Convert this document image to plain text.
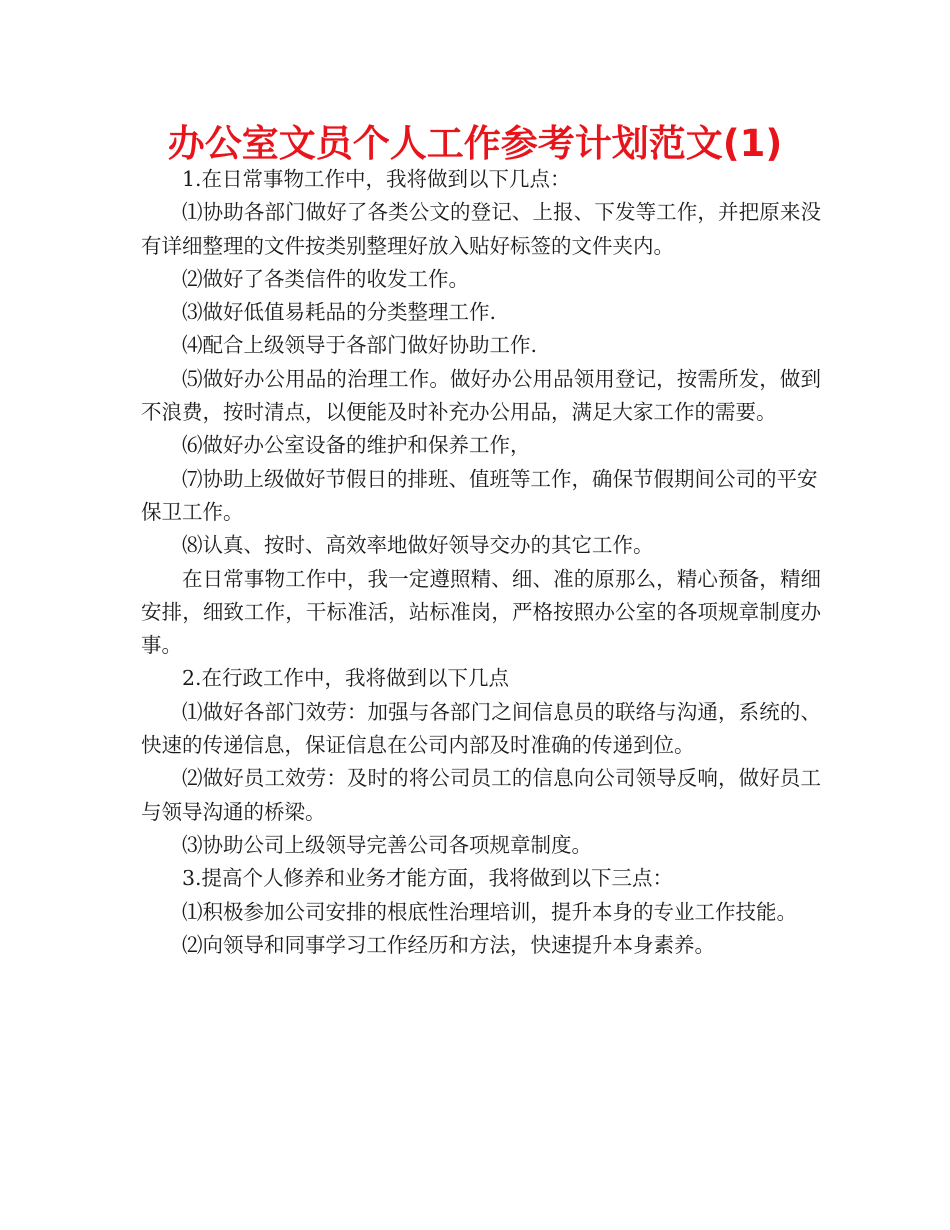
办公室文员个人工作参考计划范文(1)

1.在日常事物工作中，我将做到以下几点：

⑴协助各部门做好了各类公文的登记、上报、下发等工作，并把原来没有详细整理的文件按类别整理好放入贴好标签的文件夹内。

⑵做好了各类信件的收发工作。

⑶做好低值易耗品的分类整理工作.

⑷配合上级领导于各部门做好协助工作.

⑸做好办公用品的治理工作。做好办公用品领用登记，按需所发，做到不浪费，按时清点，以便能及时补充办公用品，满足大家工作的需要。

⑹做好办公室设备的维护和保养工作，

⑺协助上级做好节假日的排班、值班等工作，确保节假期间公司的平安保卫工作。

⑻认真、按时、高效率地做好领导交办的其它工作。

在日常事物工作中，我一定遵照精、细、准的原那么，精心预备，精细安排，细致工作，干标准活，站标准岗，严格按照办公室的各项规章制度办事。

2.在行政工作中，我将做到以下几点

⑴做好各部门效劳：加强与各部门之间信息员的联络与沟通，系统的、快速的传递信息，保证信息在公司内部及时准确的传递到位。

⑵做好员工效劳：及时的将公司员工的信息向公司领导反响，做好员工与领导沟通的桥梁。

⑶协助公司上级领导完善公司各项规章制度。

3.提高个人修养和业务才能方面，我将做到以下三点：

⑴积极参加公司安排的根底性治理培训，提升本身的专业工作技能。

⑵向领导和同事学习工作经历和方法，快速提升本身素养。
